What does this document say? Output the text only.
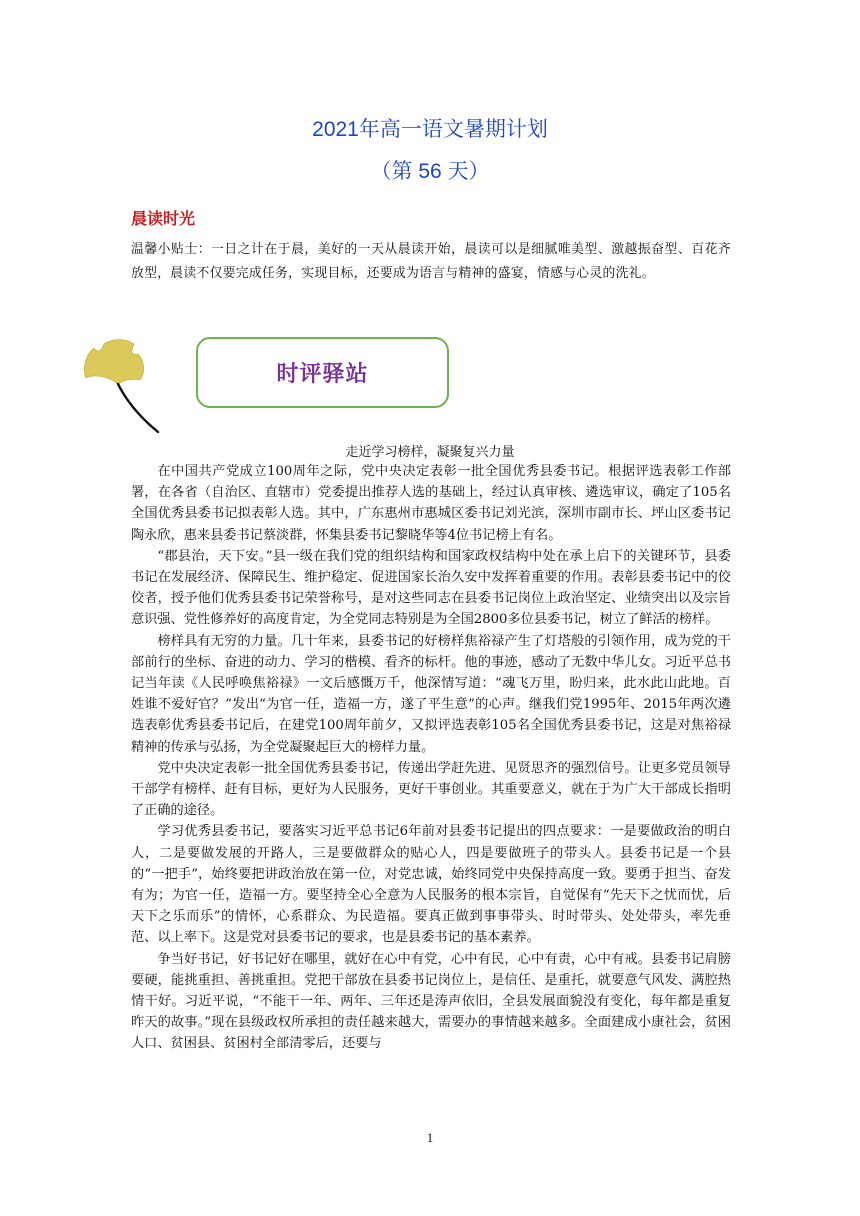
2021年高一语文暑期计划
（第 56 天）
晨读时光
温馨小贴士：一日之计在于晨，美好的一天从晨读开始，晨读可以是细腻唯美型、激越振奋型、百花齐放型，晨读不仅要完成任务，实现目标，还要成为语言与精神的盛宴，情感与心灵的洗礼。
时评驿站
走近学习榜样，凝聚复兴力量

在中国共产党成立100周年之际，党中央决定表彰一批全国优秀县委书记。根据评选表彰工作部署，在各省（自治区、直辖市）党委提出推荐人选的基础上，经过认真审核、遴选审议，确定了105名全国优秀县委书记拟表彰人选。其中，广东惠州市惠城区委书记刘光滨，深圳市副市长、坪山区委书记陶永欣，惠来县委书记蔡淡群，怀集县委书记黎晓华等4位书记榜上有名。

“郡县治，天下安。”县一级在我们党的组织结构和国家政权结构中处在承上启下的关键环节，县委书记在发展经济、保障民生、维护稳定、促进国家长治久安中发挥着重要的作用。表彰县委书记中的佼佼者，授予他们优秀县委书记荣誉称号，是对这些同志在县委书记岗位上政治坚定、业绩突出以及宗旨意识强、党性修养好的高度肯定，为全党同志特别是为全国2800多位县委书记，树立了鲜活的榜样。

榜样具有无穷的力量。几十年来，县委书记的好榜样焦裕禄产生了灯塔般的引领作用，成为党的干部前行的坐标、奋进的动力、学习的楷模、看齐的标杆。他的事迹，感动了无数中华儿女。习近平总书记当年读《人民呼唤焦裕禄》一文后感慨万千，他深情写道：“魂飞万里，盼归来，此水此山此地。百姓谁不爱好官？”发出“为官一任，造福一方，遂了平生意”的心声。继我们党1995年、2015年两次遴选表彰优秀县委书记后，在建党100周年前夕，又拟评选表彰105名全国优秀县委书记，这是对焦裕禄精神的传承与弘扬，为全党凝聚起巨大的榜样力量。

党中央决定表彰一批全国优秀县委书记，传递出学赶先进、见贤思齐的强烈信号。让更多党员领导干部学有榜样、赶有目标，更好为人民服务，更好干事创业。其重要意义，就在于为广大干部成长指明了正确的途径。

学习优秀县委书记，要落实习近平总书记6年前对县委书记提出的四点要求：一是要做政治的明白人，二是要做发展的开路人，三是要做群众的贴心人，四是要做班子的带头人。县委书记是一个县的“一把手”，始终要把讲政治放在第一位，对党忠诚，始终同党中央保持高度一致。要勇于担当、奋发有为；为官一任，造福一方。要坚持全心全意为人民服务的根本宗旨，自觉保有“先天下之忧而忧，后天下之乐而乐”的情怀，心系群众、为民造福。要真正做到事事带头、时时带头、处处带头，率先垂范、以上率下。这是党对县委书记的要求，也是县委书记的基本素养。

争当好书记，好书记好在哪里，就好在心中有党，心中有民，心中有责，心中有戒。县委书记肩膀要硬，能挑重担、善挑重担。党把干部放在县委书记岗位上，是信任、是重托，就要意气风发、满腔热情干好。习近平说，“不能干一年、两年、三年还是涛声依旧，全县发展面貌没有变化，每年都是重复昨天的故事。”现在县级政权所承担的责任越来越大，需要办的事情越来越多。全面建成小康社会，贫困人口、贫困县、贫困村全部清零后，还要与

1
